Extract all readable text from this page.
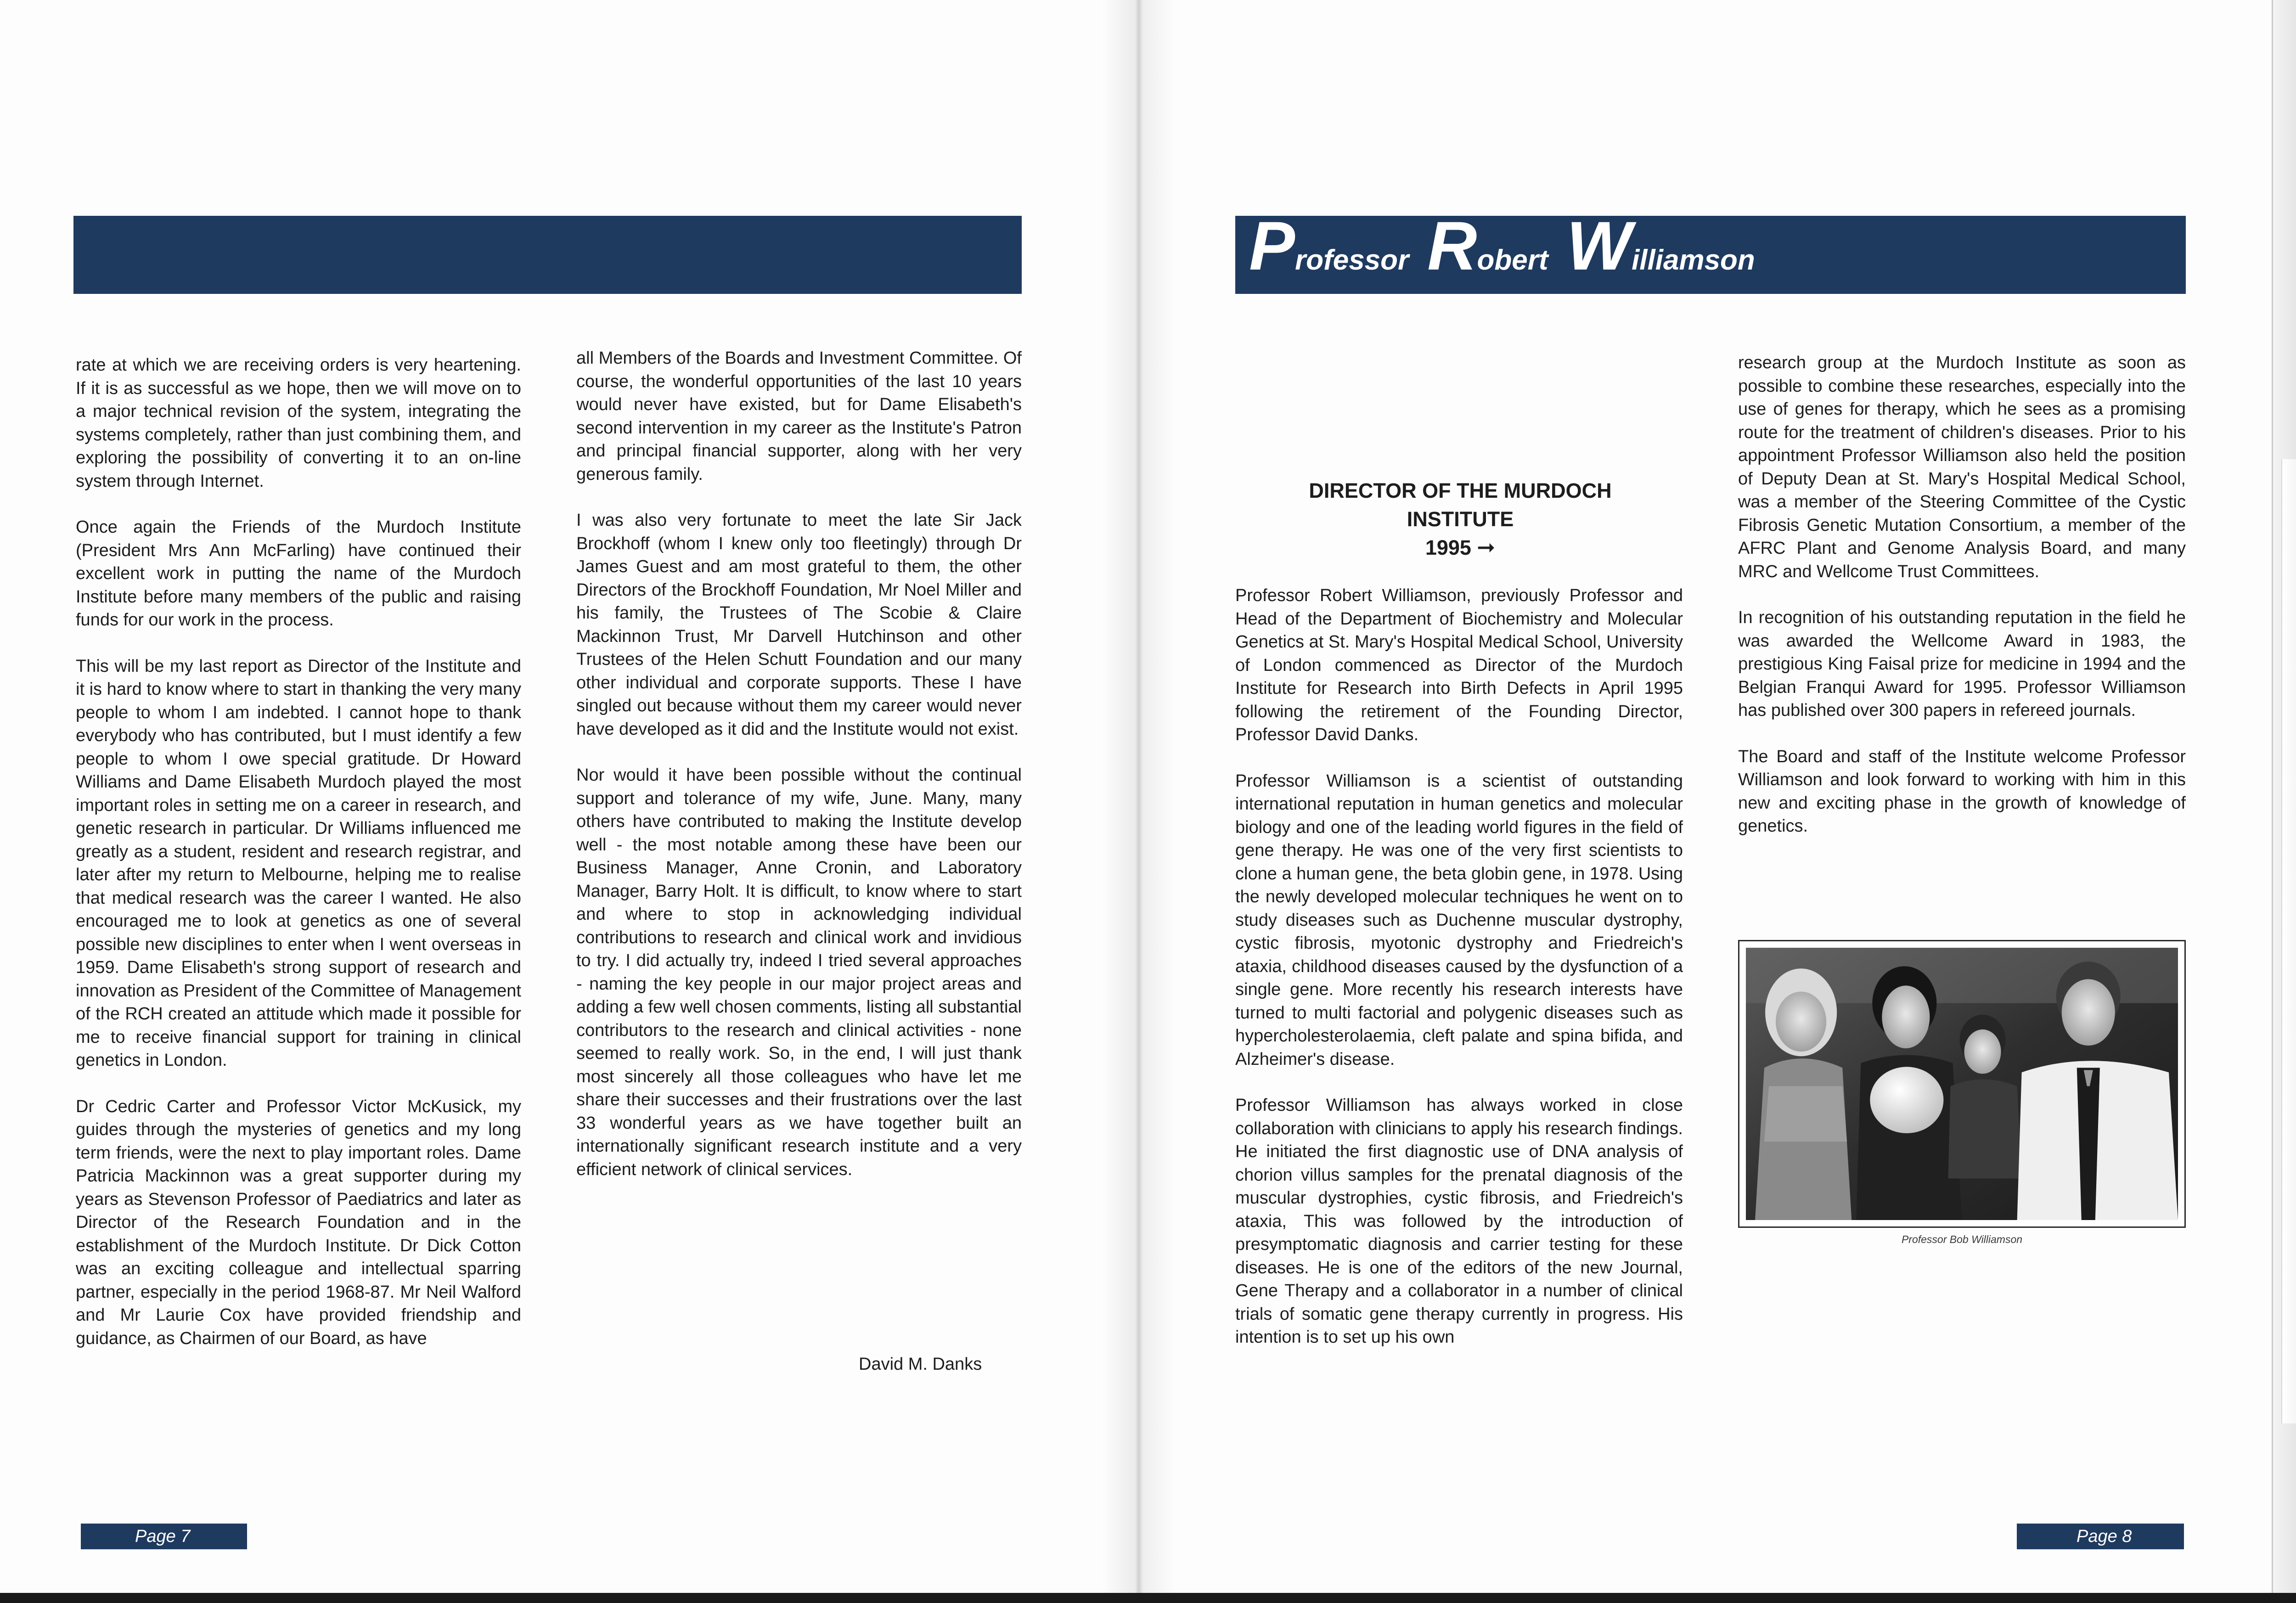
rate at which we are receiving orders is very heartening. If it is as successful as we hope, then we will move on to a major technical revision of the system, integrating the systems completely, rather than just combining them, and exploring the possibility of converting it to an on-line system through Internet.

Once again the Friends of the Murdoch Institute (President Mrs Ann McFarling) have continued their excellent work in putting the name of the Murdoch Institute before many members of the public and raising funds for our work in the process.

This will be my last report as Director of the Institute and it is hard to know where to start in thanking the very many people to whom I am indebted. I cannot hope to thank everybody who has contributed, but I must identify a few people to whom I owe special gratitude. Dr Howard Williams and Dame Elisabeth Murdoch played the most important roles in setting me on a career in research, and genetic research in particular. Dr Williams influenced me greatly as a student, resident and research registrar, and later after my return to Melbourne, helping me to realise that medical research was the career I wanted. He also encouraged me to look at genetics as one of several possible new disciplines to enter when I went overseas in 1959. Dame Elisabeth's strong support of research and innovation as President of the Committee of Management of the RCH created an attitude which made it possible for me to receive financial support for training in clinical genetics in London.

Dr Cedric Carter and Professor Victor McKusick, my guides through the mysteries of genetics and my long term friends, were the next to play important roles. Dame Patricia Mackinnon was a great supporter during my years as Stevenson Professor of Paediatrics and later as Director of the Research Foundation and in the establishment of the Murdoch Institute. Dr Dick Cotton was an exciting colleague and intellectual sparring partner, especially in the period 1968-87. Mr Neil Walford and Mr Laurie Cox have provided friendship and guidance, as Chairmen of our Board, as have

all Members of the Boards and Investment Committee. Of course, the wonderful opportunities of the last 10 years would never have existed, but for Dame Elisabeth's second intervention in my career as the Institute's Patron and principal financial supporter, along with her very generous family.

I was also very fortunate to meet the late Sir Jack Brockhoff (whom I knew only too fleetingly) through Dr James Guest and am most grateful to them, the other Directors of the Brockhoff Foundation, Mr Noel Miller and his family, the Trustees of The Scobie & Claire Mackinnon Trust, Mr Darvell Hutchinson and other Trustees of the Helen Schutt Foundation and our many other individual and corporate supports. These I have singled out because without them my career would never have developed as it did and the Institute would not exist.

Nor would it have been possible without the continual support and tolerance of my wife, June. Many, many others have contributed to making the Institute develop well - the most notable among these have been our Business Manager, Anne Cronin, and Laboratory Manager, Barry Holt. It is difficult, to know where to start and where to stop in acknowledging individual contributions to research and clinical work and invidious to try. I did actually try, indeed I tried several approaches - naming the key people in our major project areas and adding a few well chosen comments, listing all substantial contributors to the research and clinical activities - none seemed to really work. So, in the end, I will just thank most sincerely all those colleagues who have let me share their successes and their frustrations over the last 33 wonderful years as we have together built an internationally significant research institute and a very efficient network of clinical services.

David M. Danks
Page 7
Professor Robert Williamson
DIRECTOR OF THE MURDOCH
INSTITUTE
1995 ➞

Professor Robert Williamson, previously Professor and Head of the Department of Biochemistry and Molecular Genetics at St. Mary's Hospital Medical School, University of London commenced as Director of the Murdoch Institute for Research into Birth Defects in April 1995 following the retirement of the Founding Director, Professor David Danks.

Professor Williamson is a scientist of outstanding international reputation in human genetics and molecular biology and one of the leading world figures in the field of gene therapy. He was one of the very first scientists to clone a human gene, the beta globin gene, in 1978. Using the newly developed molecular techniques he went on to study diseases such as Duchenne muscular dystrophy, cystic fibrosis, myotonic dystrophy and Friedreich's ataxia, childhood diseases caused by the dysfunction of a single gene. More recently his research interests have turned to multi factorial and polygenic diseases such as hypercholesterolaemia, cleft palate and spina bifida, and Alzheimer's disease.

Professor Williamson has always worked in close collaboration with clinicians to apply his research findings. He initiated the first diagnostic use of DNA analysis of chorion villus samples for the prenatal diagnosis of the muscular dystrophies, cystic fibrosis, and Friedreich's ataxia, This was followed by the introduction of presymptomatic diagnosis and carrier testing for these diseases. He is one of the editors of the new Journal, Gene Therapy and a collaborator in a number of clinical trials of somatic gene therapy currently in progress. His intention is to set up his own

research group at the Murdoch Institute as soon as possible to combine these researches, especially into the use of genes for therapy, which he sees as a promising route for the treatment of children's diseases. Prior to his appointment Professor Williamson also held the position of Deputy Dean at St. Mary's Hospital Medical School, was a member of the Steering Committee of the Cystic Fibrosis Genetic Mutation Consortium, a member of the AFRC Plant and Genome Analysis Board, and many MRC and Wellcome Trust Committees.

In recognition of his outstanding reputation in the field he was awarded the Wellcome Award in 1983, the prestigious King Faisal prize for medicine in 1994 and the Belgian Franqui Award for 1995. Professor Williamson has published over 300 papers in refereed journals.

The Board and staff of the Institute welcome Professor Williamson and look forward to working with him in this new and exciting phase in the growth of knowledge of genetics.

Professor Bob Williamson
Page 8
